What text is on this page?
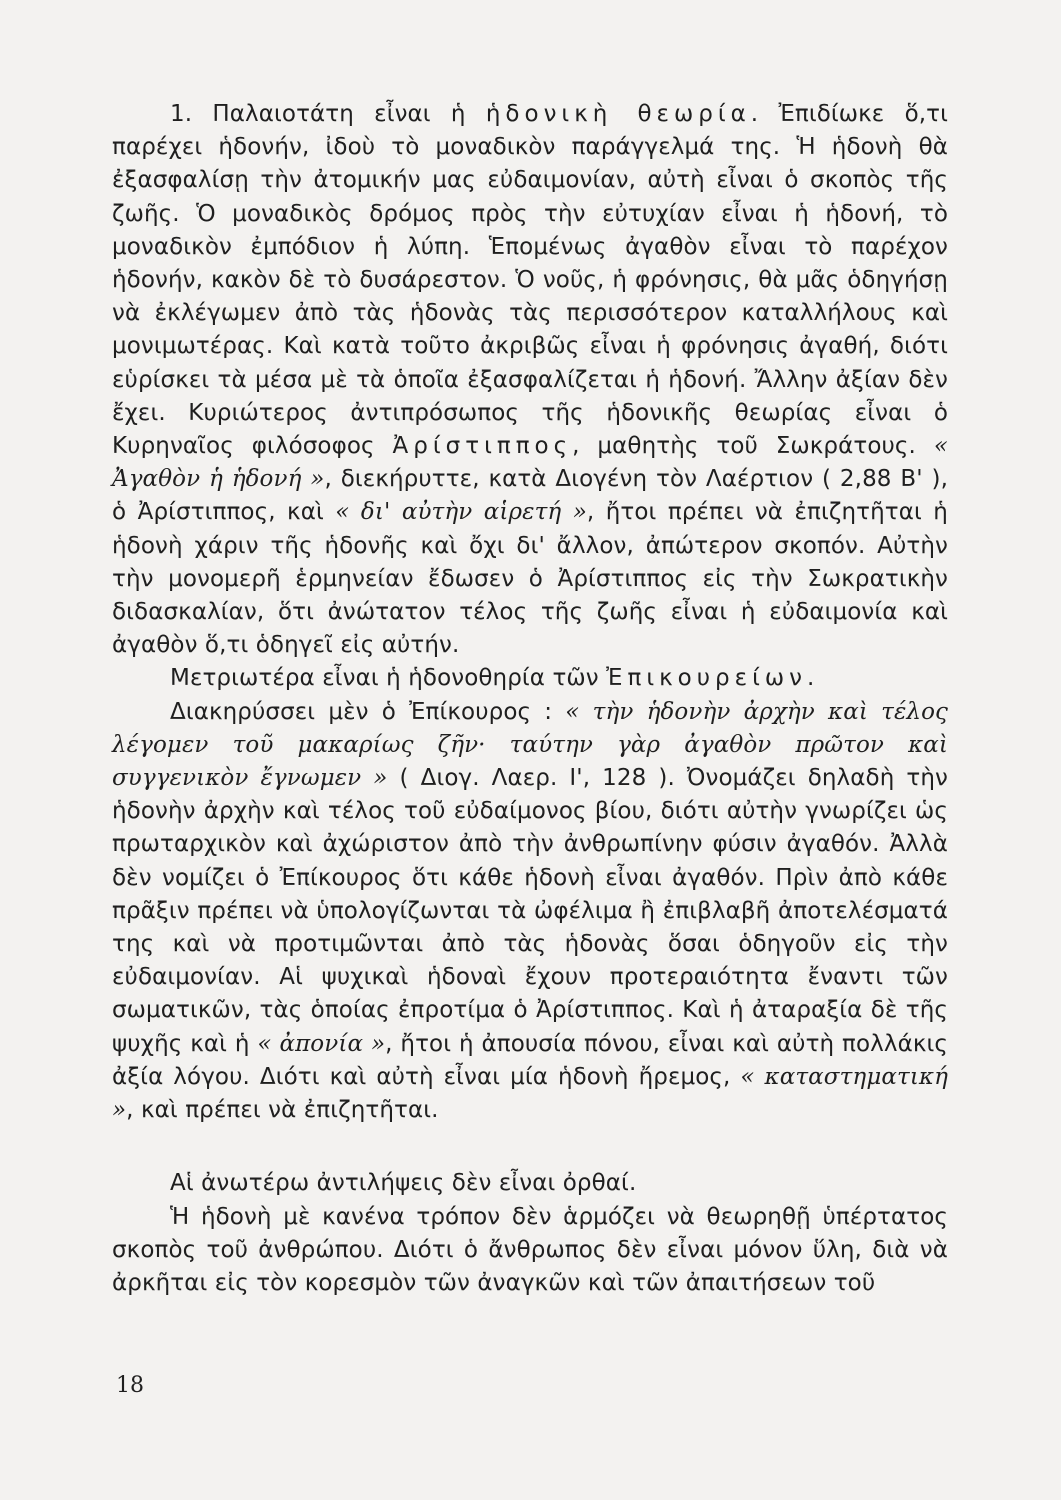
1. Παλαιοτάτη εἶναι ἡ ἡδονικὴ θεωρία. Ἐπιδίωκε ὅ,τι παρέχει ἡδονήν, ἰδοὺ τὸ μοναδικὸν παράγγελμά της. Ἡ ἡδονὴ θὰ ἐξασφαλίσῃ τὴν ἀτομικήν μας εὐδαιμονίαν, αὐτὴ εἶναι ὁ σκοπὸς τῆς ζωῆς. Ὁ μοναδικὸς δρόμος πρὸς τὴν εὐτυχίαν εἶναι ἡ ἡδονή, τὸ μοναδικὸν ἐμπόδιον ἡ λύπη. Ἑπομένως ἀγαθὸν εἶναι τὸ παρέχον ἡδονήν, κακὸν δὲ τὸ δυσάρεστον. Ὁ νοῦς, ἡ φρόνησις, θὰ μᾶς ὁδηγήσῃ νὰ ἐκλέγωμεν ἀπὸ τὰς ἡδονὰς τὰς περισσότερον καταλλήλους καὶ μονιμωτέρας. Καὶ κατὰ τοῦτο ἀκριβῶς εἶναι ἡ φρόνησις ἀγαθή, διότι εὑρίσκει τὰ μέσα μὲ τὰ ὁποῖα ἐξασφαλίζεται ἡ ἡδονή. Ἄλλην ἀξίαν δὲν ἔχει. Κυριώτερος ἀντιπρόσωπος τῆς ἡδονικῆς θεωρίας εἶναι ὁ Κυρηναῖος φιλόσοφος Ἀρίστιππος, μαθητὴς τοῦ Σωκράτους. « Ἀγαθὸν ἡ ἡδονή », διεκήρυττε, κατὰ Διογένη τὸν Λαέρτιον ( 2,88 Β' ), ὁ Ἀρίστιππος, καὶ « δι' αὐτὴν αἱρετή », ἤτοι πρέπει νὰ ἐπιζητῆται ἡ ἡδονὴ χάριν τῆς ἡδονῆς καὶ ὄχι δι' ἄλλον, ἀπώτερον σκοπόν. Αὐτὴν τὴν μονομερῆ ἑρμηνείαν ἔδωσεν ὁ Ἀρίστιππος εἰς τὴν Σωκρατικὴν διδασκαλίαν, ὅτι ἀνώτατον τέλος τῆς ζωῆς εἶναι ἡ εὐδαιμονία καὶ ἀγαθὸν ὅ,τι ὁδηγεῖ εἰς αὐτήν.

Μετριωτέρα εἶναι ἡ ἡδονοθηρία τῶν Ἐπικουρείων.

Διακηρύσσει μὲν ὁ Ἐπίκουρος : « τὴν ἡδονὴν ἀρχὴν καὶ τέλος λέγομεν τοῦ μακαρίως ζῆν· ταύτην γὰρ ἀγαθὸν πρῶτον καὶ συγγενικὸν ἔγνωμεν » ( Διογ. Λαερ. Ι', 128 ). Ὀνομάζει δηλαδὴ τὴν ἡδονὴν ἀρχὴν καὶ τέλος τοῦ εὐδαίμονος βίου, διότι αὐτὴν γνωρίζει ὡς πρωταρχικὸν καὶ ἀχώριστον ἀπὸ τὴν ἀνθρωπίνην φύσιν ἀγαθόν. Ἀλλὰ δὲν νομίζει ὁ Ἐπίκουρος ὅτι κάθε ἡδονὴ εἶναι ἀγαθόν. Πρὶν ἀπὸ κάθε πρᾶξιν πρέπει νὰ ὑπολογίζωνται τὰ ὠφέλιμα ἢ ἐπιβλαβῆ ἀποτελέσματά της καὶ νὰ προτιμῶνται ἀπὸ τὰς ἡδονὰς ὅσαι ὁδηγοῦν εἰς τὴν εὐδαιμονίαν. Αἱ ψυχικαὶ ἡδοναὶ ἔχουν προτεραιότητα ἔναντι τῶν σωματικῶν, τὰς ὁποίας ἐπροτίμα ὁ Ἀρίστιππος. Καὶ ἡ ἀταραξία δὲ τῆς ψυχῆς καὶ ἡ « ἀπονία », ἤτοι ἡ ἀπουσία πόνου, εἶναι καὶ αὐτὴ πολλάκις ἀξία λόγου. Διότι καὶ αὐτὴ εἶναι μία ἡδονὴ ἤρεμος, « καταστηματική », καὶ πρέπει νὰ ἐπιζητῆται.

Αἱ ἀνωτέρω ἀντιλήψεις δὲν εἶναι ὀρθαί.

Ἡ ἡδονὴ μὲ κανένα τρόπον δὲν ἁρμόζει νὰ θεωρηθῇ ὑπέρτατος σκοπὸς τοῦ ἀνθρώπου. Διότι ὁ ἄνθρωπος δὲν εἶναι μόνον ὕλη, διὰ νὰ ἀρκῆται εἰς τὸν κορεσμὸν τῶν ἀναγκῶν καὶ τῶν ἀπαιτήσεων τοῦ

18
